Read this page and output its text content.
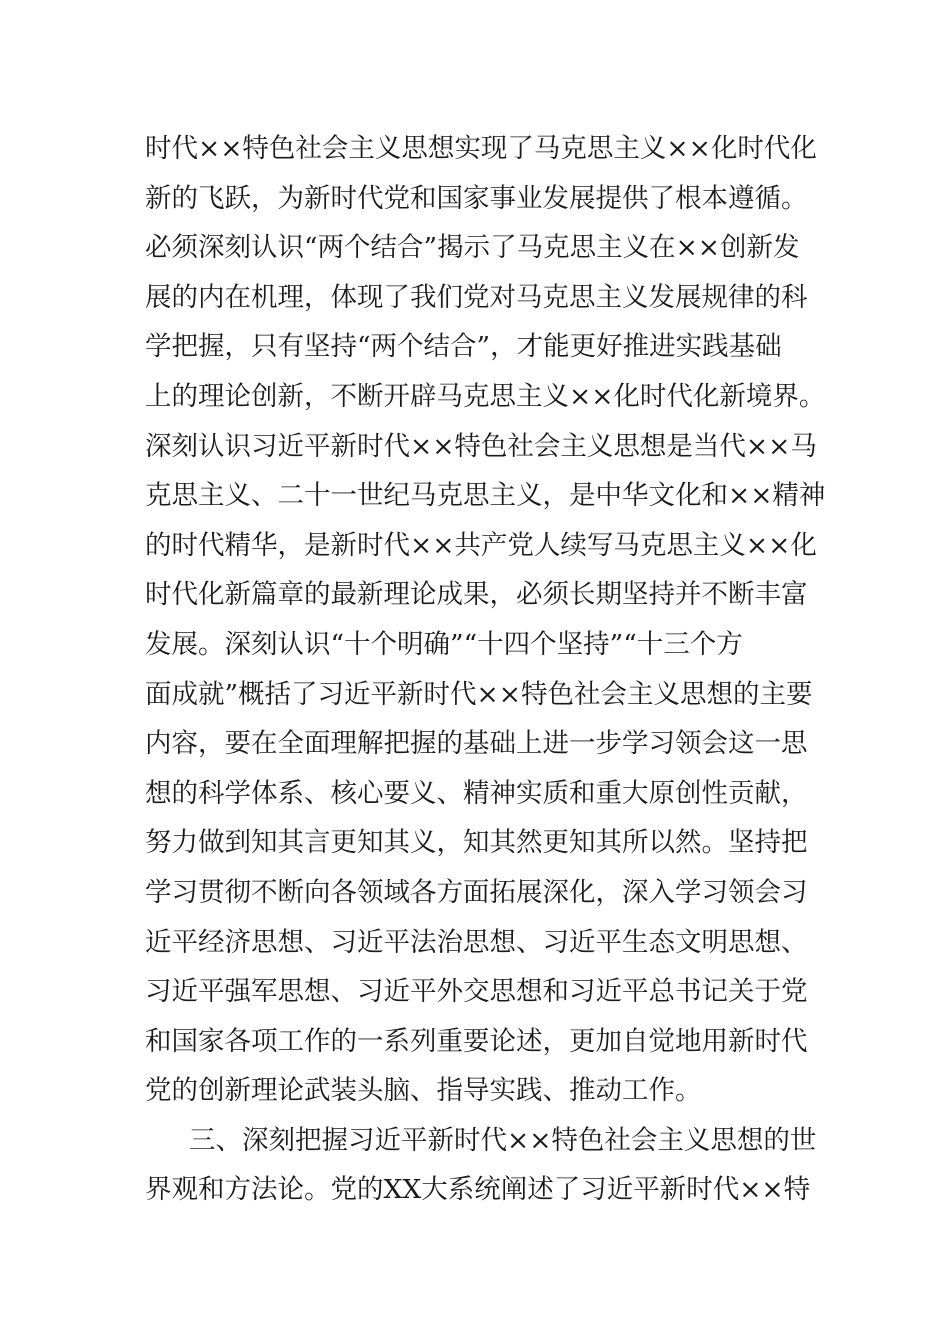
时代××特色社会主义思想实现了马克思主义××化时代化
新的飞跃，为新时代党和国家事业发展提供了根本遵循。
必须深刻认识“两个结合”揭示了马克思主义在××创新发
展的内在机理，体现了我们党对马克思主义发展规律的科
学把握，只有坚持“两个结合”，才能更好推进实践基础
上的理论创新，不断开辟马克思主义××化时代化新境界。
深刻认识习近平新时代××特色社会主义思想是当代××马
克思主义、二十一世纪马克思主义，是中华文化和××精神
的时代精华，是新时代××共产党人续写马克思主义××化
时代化新篇章的最新理论成果，必须长期坚持并不断丰富
发展。深刻认识“十个明确”“十四个坚持”“十三个方
面成就”概括了习近平新时代××特色社会主义思想的主要
内容，要在全面理解把握的基础上进一步学习领会这一思
想的科学体系、核心要义、精神实质和重大原创性贡献，
努力做到知其言更知其义，知其然更知其所以然。坚持把
学习贯彻不断向各领域各方面拓展深化，深入学习领会习
近平经济思想、习近平法治思想、习近平生态文明思想、
习近平强军思想、习近平外交思想和习近平总书记关于党
和国家各项工作的一系列重要论述，更加自觉地用新时代
党的创新理论武装头脑、指导实践、推动工作。
三、深刻把握习近平新时代××特色社会主义思想的世
界观和方法论。党的XX大系统阐述了习近平新时代××特
